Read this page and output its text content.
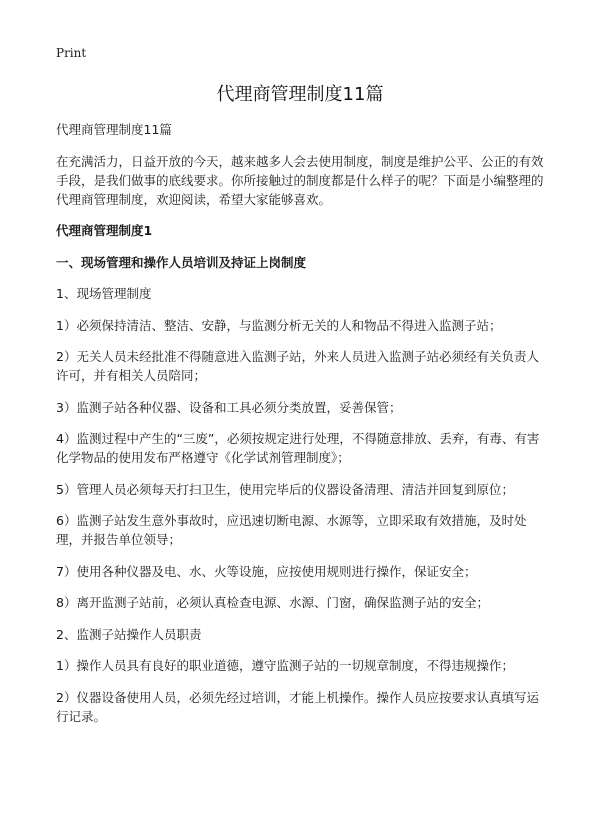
Print
代理商管理制度11篇

代理商管理制度11篇

在充满活力，日益开放的今天，越来越多人会去使用制度，制度是维护公平、公正的有效手段，是我们做事的底线要求。你所接触过的制度都是什么样子的呢？下面是小编整理的代理商管理制度，欢迎阅读，希望大家能够喜欢。

代理商管理制度1

一、现场管理和操作人员培训及持证上岗制度

1、现场管理制度

1）必须保持清洁、整洁、安静，与监测分析无关的人和物品不得进入监测子站；

2）无关人员未经批准不得随意进入监测子站，外来人员进入监测子站必须经有关负责人许可，并有相关人员陪同；

3）监测子站各种仪器、设备和工具必须分类放置，妥善保管；

4）监测过程中产生的“三废”，必须按规定进行处理，不得随意排放、丢弃，有毒、有害化学物品的使用发布严格遵守《化学试剂管理制度》；

5）管理人员必须每天打扫卫生，使用完毕后的仪器设备清理、清洁并回复到原位；

6）监测子站发生意外事故时，应迅速切断电源、水源等，立即采取有效措施，及时处理，并报告单位领导；

7）使用各种仪器及电、水、火等设施，应按使用规则进行操作，保证安全；

8）离开监测子站前，必须认真检查电源、水源、门窗，确保监测子站的安全；

2、监测子站操作人员职责

1）操作人员具有良好的职业道德，遵守监测子站的一切规章制度，不得违规操作；

2）仪器设备使用人员，必须先经过培训，才能上机操作。操作人员应按要求认真填写运行记录。
